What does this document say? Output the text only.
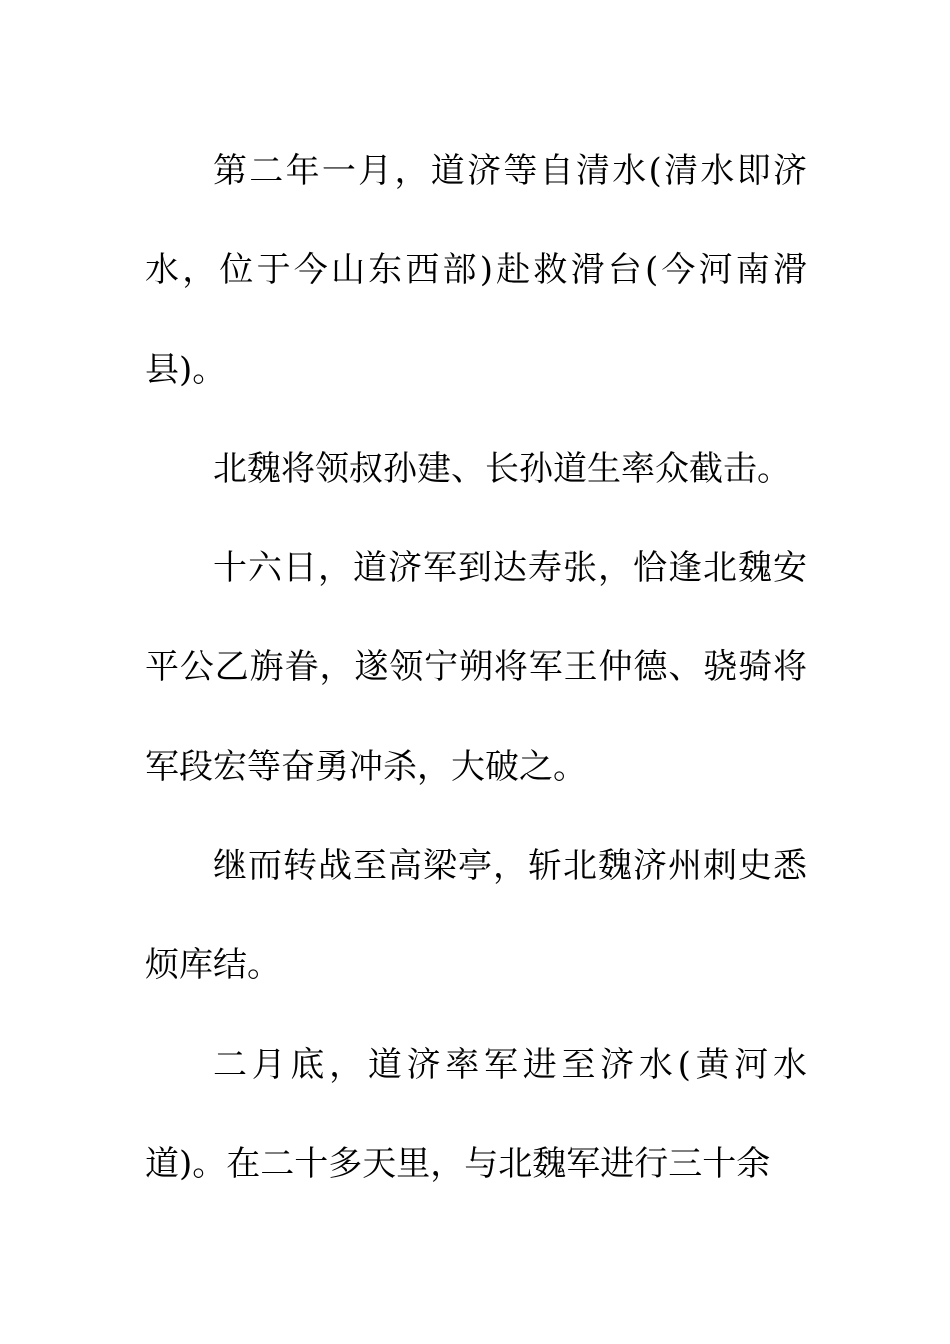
第二年一月，道济等自清水(清水即济水，位于今山东西部)赴救滑台(今河南滑县)。

北魏将领叔孙建、长孙道生率众截击。

十六日，道济军到达寿张，恰逢北魏安平公乙旃眷，遂领宁朔将军王仲德、骁骑将军段宏等奋勇冲杀，大破之。

继而转战至高梁亭，斩北魏济州刺史悉烦库结。

二月底，道济率军进至济水(黄河水道)。在二十多天里，与北魏军进行三十余
